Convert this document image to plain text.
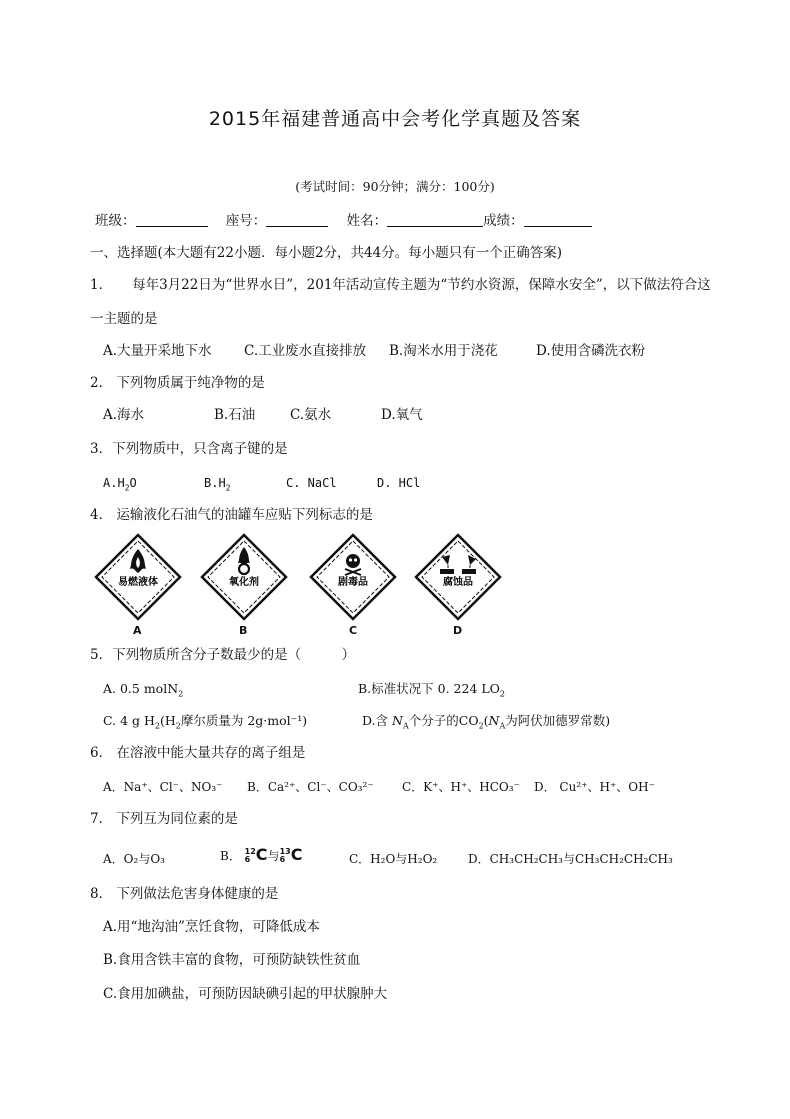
2015年福建普通高中会考化学真题及答案
(考试时间：90分钟；满分：100分)
班级：	座号：	姓名：	成绩：
一、选择题(本大题有22小题．每小题2分，共44分。每小题只有一个正确答案)
1． 每年3月22日为“世界水日”，201年活动宣传主题为“节约水资源，保障水安全”，以下做法符合这
一主题的是
A.大量开采地下水 C.工业废水直接排放 B.淘米水用于浇花	D.使用含磷洗衣粉
2． 下列物质属于纯净物的是
A.海水	B.石油	C.氨水	D.氧气
3．下列物质中，只含离子键的是
$A.H_2O$	$B.H_2$	C. NaCl	D. HCl
4． 运输液化石油气的油罐车应贴下列标志的是
易燃液体
A
氧化剂
B
剧毒品
C
腐蚀品
D
5．下列物质所含分子数最少的是（　　　）
A. 0.5 molN$_2$	B.标准状况下 0. 224 $LO_2$
C. 4 g $H_2(H_2$摩尔质量为 2g·mol⁻¹)	D.含 $N_A$个分子的$CO_2(N_A$为阿伏加德罗常数)
6． 在溶液中能大量共存的离子组是
A．Na⁺、Cl⁻、NO₃⁻ B．Ca²⁺、Cl⁻、CO₃²⁻ C．K⁺、H⁺、HCO₃⁻ D． Cu²⁺、H⁺、OH⁻
7． 下列互为同位素的是
A．O₂与O₃	B． 12
6 C与 13
6 C	C．H₂O与H₂O₂	D．CH₃CH₂CH₃与CH₃CH₂CH₂CH₃
8． 下列做法危害身体健康的是
A.用“地沟油”烹饪食物，可降低成本
B.食用含铁丰富的食物，可预防缺铁性贫血
C.食用加碘盐，可预防因缺碘引起的甲状腺肿大
